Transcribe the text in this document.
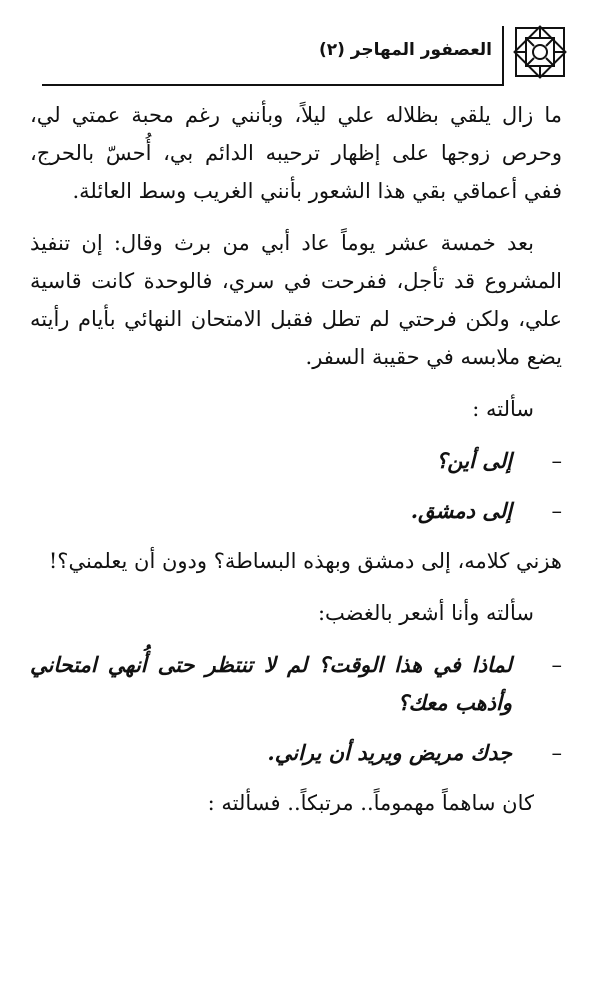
العصفور المهاجر (٢)

ما زال يلقي بظلاله علي ليلاً، وبأنني رغم محبة عمتي لي، وحرص زوجها على إظهار ترحيبه الدائم بي، أُحسّ بالحرج، ففي أعماقي بقي هذا الشعور بأنني الغريب وسط العائلة.

بعد خمسة عشر يوماً عاد أبي من برث وقال: إن تنفيذ المشروع قد تأجل، ففرحت في سري، فالوحدة كانت قاسية علي، ولكن فرحتي لم تطل فقبل الامتحان النهائي بأيام رأيته يضع ملابسه في حقيبة السفر.

سألته :

–
إلى أين؟
–
إلى دمشق.

هزني كلامه، إلى دمشق وبهذه البساطة؟ ودون أن يعلمني؟!

سألته وأنا أشعر بالغضب:

–
لماذا في هذا الوقت؟ لم لا تنتظر حتى أُنهي امتحاني وأذهب معك؟
–
جدك مريض ويريد أن يراني.

كان ساهماً مهموماً.. مرتبكاً.. فسألته :
